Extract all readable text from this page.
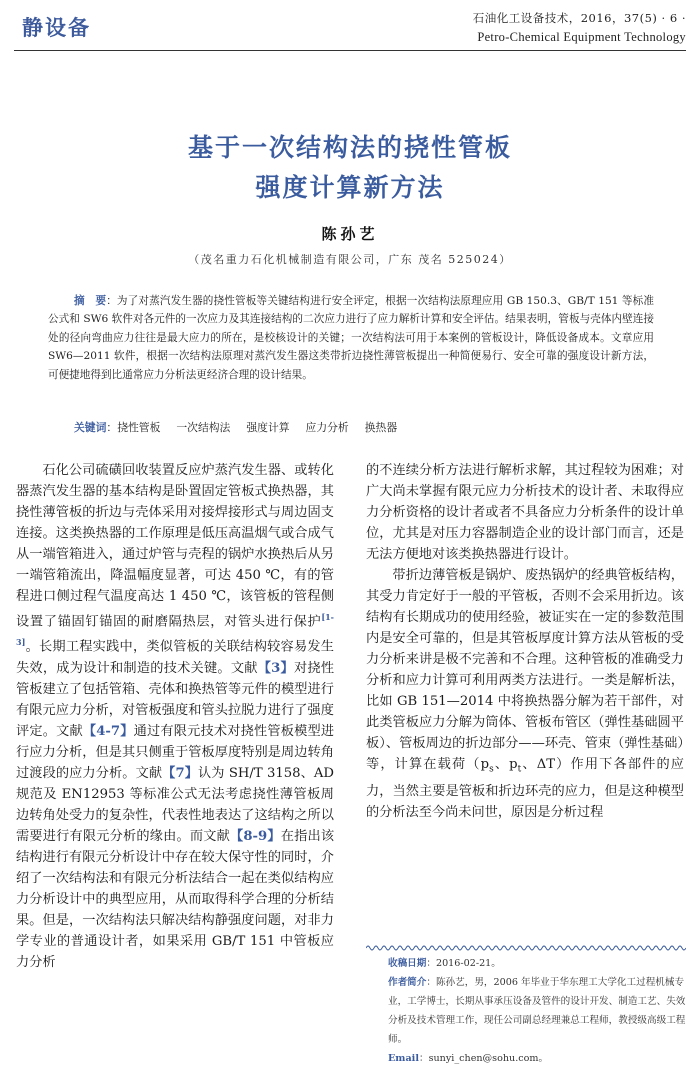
静设备	石油化工设备技术，2016，37(5) · 6 ·
Petro-Chemical Equipment Technology
基于一次结构法的挠性管板
强度计算新方法
陈孙艺
（茂名重力石化机械制造有限公司，广东 茂名 525024）
摘　要：为了对蒸汽发生器的挠性管板等关键结构进行安全评定，根据一次结构法原理应用 GB 150.3、GB/T 151 等标准公式和 SW6 软件对各元件的一次应力及其连接结构的二次应力进行了应力解析计算和安全评估。结果表明，管板与壳体内壁连接处的径向弯曲应力往往是最大应力的所在，是校核设计的关键；一次结构法可用于本案例的管板设计，降低设备成本。文章应用 SW6—2011 软件，根据一次结构法原理对蒸汽发生器这类带折边挠性薄管板提出一种简便易行、安全可靠的强度设计新方法，可便捷地得到比通常应力分析法更经济合理的设计结果。
关键词：挠性管板 一次结构法 强度计算 应力分析 换热器

石化公司硫磺回收装置反应炉蒸汽发生器、或转化器蒸汽发生器的基本结构是卧置固定管板式换热器，其挠性薄管板的折边与壳体采用对接焊接形式与周边固支连接。这类换热器的工作原理是低压高温烟气或合成气从一端管箱进入，通过炉管与壳程的锅炉水换热后从另一端管箱流出，降温幅度显著，可达 450 ℃，有的管程进口侧过程气温度高达 1 450 ℃，该管板的管程侧设置了锚固钉锚固的耐磨隔热层，对管头进行保护[1-3]。长期工程实践中，类似管板的关联结构较容易发生失效，成为设计和制造的技术关键。文献【3】对挠性管板建立了包括管箱、壳体和换热管等元件的模型进行有限元应力分析，对管板强度和管头拉脱力进行了强度评定。文献【4-7】通过有限元技术对挠性管板模型进行应力分析，但是其只侧重于管板厚度特别是周边转角过渡段的应力分析。文献【7】认为 SH/T 3158、AD 规范及 EN12953 等标准公式无法考虑挠性薄管板周边转角处受力的复杂性，代表性地表达了这结构之所以需要进行有限元分析的缘由。而文献【8-9】在指出该结构进行有限元分析设计中存在较大保守性的同时，介绍了一次结构法和有限元分析法结合一起在类似结构应力分析设计中的典型应用，从而取得科学合理的分析结果。但是，一次结构法只解决结构静强度问题，对非力学专业的普通设计者，如果采用 GB/T 151 中管板应力分析

的不连续分析方法进行解析求解，其过程较为困难；对广大尚未掌握有限元应力分析技术的设计者、未取得应力分析资格的设计者或者不具备应力分析条件的设计单位，尤其是对压力容器制造企业的设计部门而言，还是无法方便地对该类换热器进行设计。

带折边薄管板是锅炉、废热锅炉的经典管板结构，其受力肯定好于一般的平管板，否则不会采用折边。该结构有长期成功的使用经验，被证实在一定的参数范围内是安全可靠的，但是其管板厚度计算方法从管板的受力分析来讲是极不完善和不合理。这种管板的准确受力分析和应力计算可利用两类方法进行。一类是解析法，比如 GB 151—2014 中将换热器分解为若干部件，对此类管板应力分解为筒体、管板布管区（弹性基础圆平板）、管板周边的折边部分——环壳、管束（弹性基础）等，计算在载荷（$p_s$、$p_t$、ΔT）作用下各部件的应力，当然主要是管板和折边环壳的应力，但是这种模型的分析法至今尚未问世，原因是分析过程

收稿日期：2016-02-21。

作者简介：陈孙艺，男，2006 年毕业于华东理工大学化工过程机械专业，工学博士，长期从事承压设备及管件的设计开发、制造工艺、失效分析及技术管理工作，现任公司副总经理兼总工程师，教授级高级工程师。

Email：sunyi_chen@sohu.com。
